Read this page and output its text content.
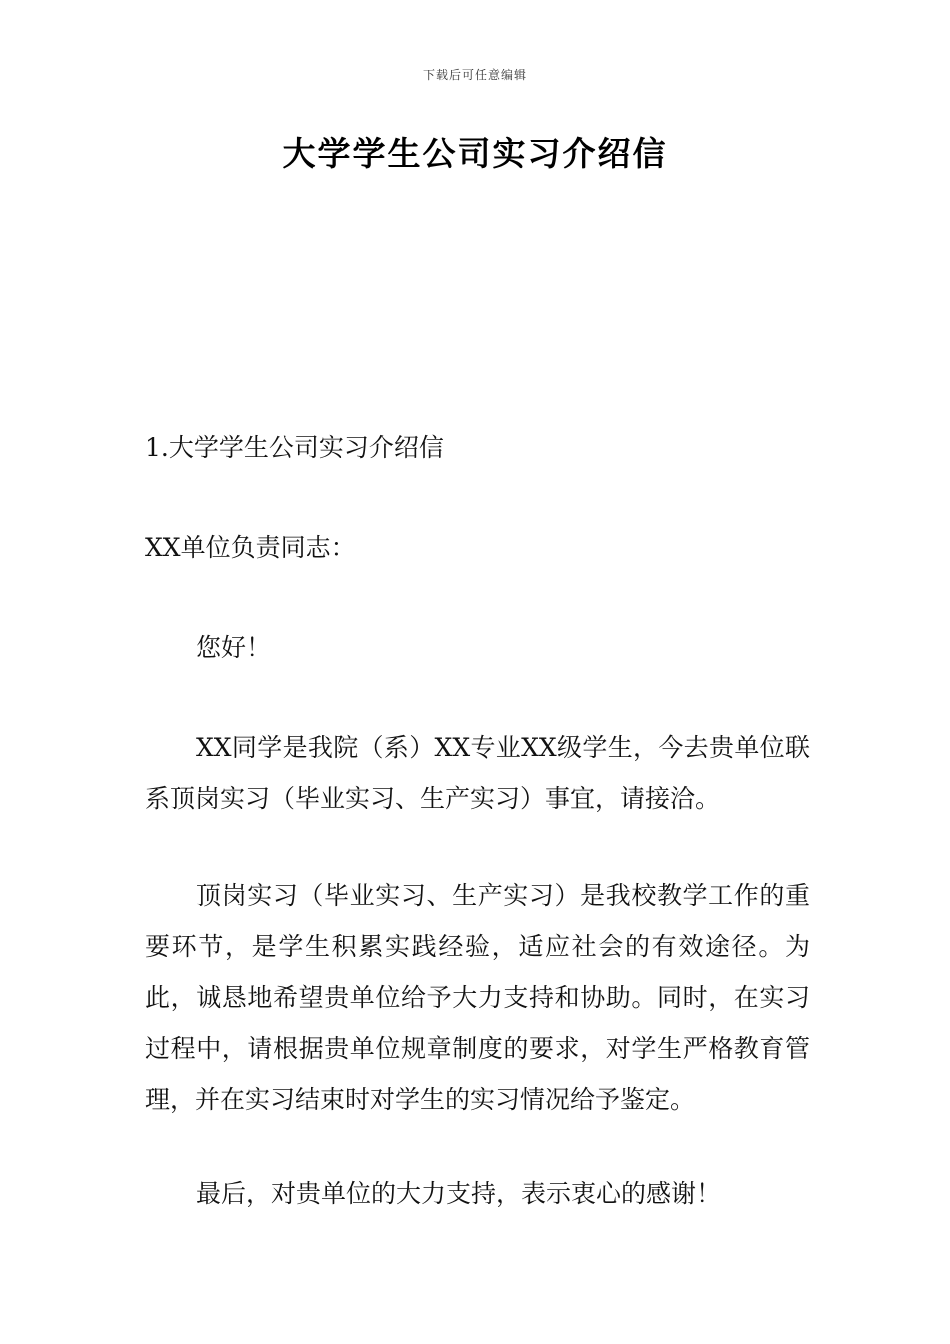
下载后可任意编辑
大学学生公司实习介绍信
1.大学学生公司实习介绍信
XX单位负责同志：
您好！
XX同学是我院（系）XX专业XX级学生，今去贵单位联系顶岗实习（毕业实习、生产实习）事宜，请接洽。
顶岗实习（毕业实习、生产实习）是我校教学工作的重要环节，是学生积累实践经验，适应社会的有效途径。为此，诚恳地希望贵单位给予大力支持和协助。同时，在实习过程中，请根据贵单位规章制度的要求，对学生严格教育管理，并在实习结束时对学生的实习情况给予鉴定。
最后，对贵单位的大力支持，表示衷心的感谢！
